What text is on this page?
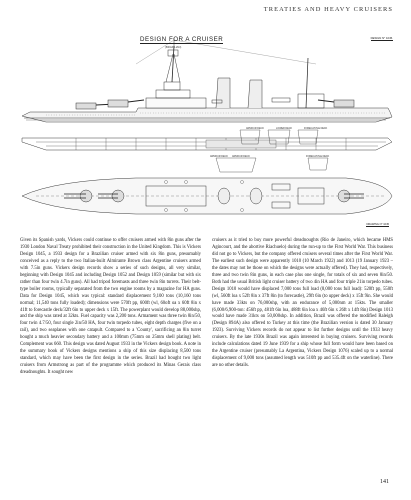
TREATIES AND HEAVY CRUISERS
DESIGN FOR A CRUISER
(BRAZILIAN)
DESIGN N° 1045.
ARMOUR DECK	LOWER DECK	FORECASTLE DECK
ARMOUR DECK ARMOUR DECK	FORECASTLE DECK
DRAWING N° 1045

Given its Spanish yards, Vickers could continue to offer cruisers armed with 8in guns after the 1930 London Naval Treaty prohibited their construction in the United Kingdom. This is Vickers Design 1045, a 1933 design for a Brazilian cruiser armed with six 8in guns, presumably conceived as a reply to the two Italian-built Almirante Brown class Argentine cruisers armed with 7.5in guns. Vickers design records show a series of such designs, all very similar, beginning with Design 1045 and including Design 1052 and Design 1059 (similar but with six rather than four twin 4.7in guns). All had tripod foremasts and three twin 8in turrets. Their belt-type boiler rooms, typically separated from the two engine rooms by a magazine for HA guns. Data for Design 1045, which was typical: standard displacement 9,100 tons (10,160 tons normal; 11,540 tons fully loaded); dimensions were 570ft pp, 600ft (wl, 60oft oa x 60ft 8in x 41ft to forecastle deck/32ft 6in to upper deck x 15ft. The powerplant would develop 88,000shp, and the ship was rated at 32kts. Fuel capacity was 2,200 tons. Armament was three twin 8in/50, four twin 4.7/50, four single 2in/50 HA, four twin torpedo tubes, eight depth charges (five on a rail), and two seaplanes with one catapult. Compared to a 'County', sacrificing an 8in turret bought a much heavier secondary battery and a 100mm (75mm on 25mm shell plating) belt. Complement was 660. This design was dated August 1933 in the Vickers design book. A note in the summary book of Vickers designs mentions a ship of this size displacing 8,500 tons standard, which may have been the first design in the series. Brazil had bought two light cruisers from Armstrong as part of the programme which produced its Minas Gerais class dreadnoughts. It sought new

cruisers as it tried to buy more powerful dreadnoughts (Rio de Janeiro, which became HMS Agincourt, and the abortive Riachuelo) during the run-up to the First World War. This business did not go to Vickers, but the company offered cruisers several times after the First World War. The earliest such design were apparently 1010 (10 March 1922) and 1013 (19 January 1923 – the dates may not be those on which the designs were actually offered). They had, respectively, three and two twin 8in guns, in each case plus one single, for totals of six and seven 8in/50. Both had the usual British light cruiser battery of two 4in HA and four triple 21in torpedo tubes. Design 1010 would have displaced 7,000 tons full load (8,000 tons full load): 520ft pp, 550ft (wl, 560ft loa x 52ft 8in x 37ft 8in (to forecastle), 29ft 6in (to upper deck) x 15ft 9in. She would have made 33kts on 76,000shp, with an endurance of 5,000nm at 15kts. The smaller (6,000/6,900-ton: 456ft pp, 481ft 6in loa, 488ft 6in loa x 46ft 6in x 26ft x 14ft 8in) Design 1013 would have made 31kts on 50,000shp. In addition, Brazil was offered the modified Raleigh (Design 894A) also offered to Turkey at this time (the Brazilian version is dated 30 January 1923). Surviving Vickers records do not appear to list further designs until the 1933 heavy cruisers. By the late 1930s Brazil was again interested in buying cruisers. Surviving records include calculations dated 19 June 1939 for a ship whose full form would have been based on the Argentine cruiser (presumably La Argentina, Vickers Design 1076) scaled up to a normal displacement of 9,000 tons (assumed length was 510ft pp and 535.4ft on the waterline). There are no other details.

141
